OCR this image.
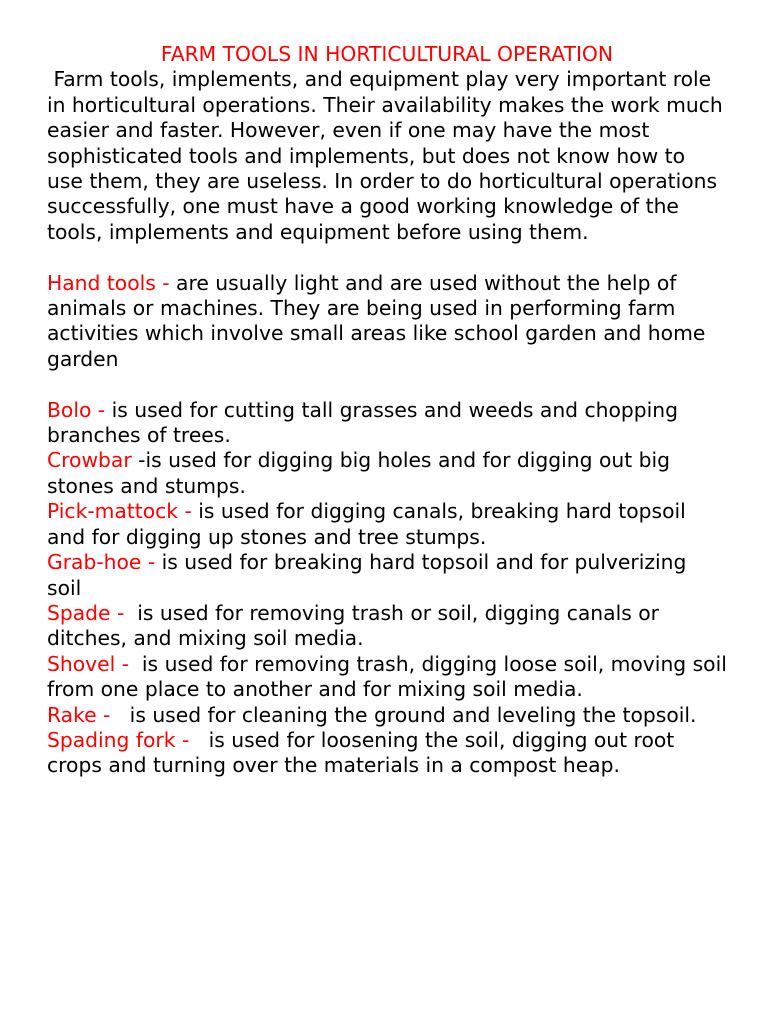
FARM TOOLS IN HORTICULTURAL OPERATION

Farm tools, implements, and equipment play very important role in horticultural operations. Their availability makes the work much easier and faster. However, even if one may have the most sophisticated tools and implements, but does not know how to use them, they are useless. In order to do horticultural operations successfully, one must have a good working knowledge of the tools, implements and equipment before using them.

Hand tools - are usually light and are used without the help of animals or machines. They are being used in performing farm activities which involve small areas like school garden and home garden

Bolo - is used for cutting tall grasses and weeds and chopping branches of trees.

Crowbar -is used for digging big holes and for digging out big stones and stumps.

Pick-mattock - is used for digging canals, breaking hard topsoil and for digging up stones and tree stumps.

Grab-hoe - is used for breaking hard topsoil and for pulverizing soil

Spade -  is used for removing trash or soil, digging canals or ditches, and mixing soil media.

Shovel -  is used for removing trash, digging loose soil, moving soil from one place to another and for mixing soil media.

Rake -   is used for cleaning the ground and leveling the topsoil.

Spading fork -   is used for loosening the soil, digging out root crops and turning over the materials in a compost heap.
